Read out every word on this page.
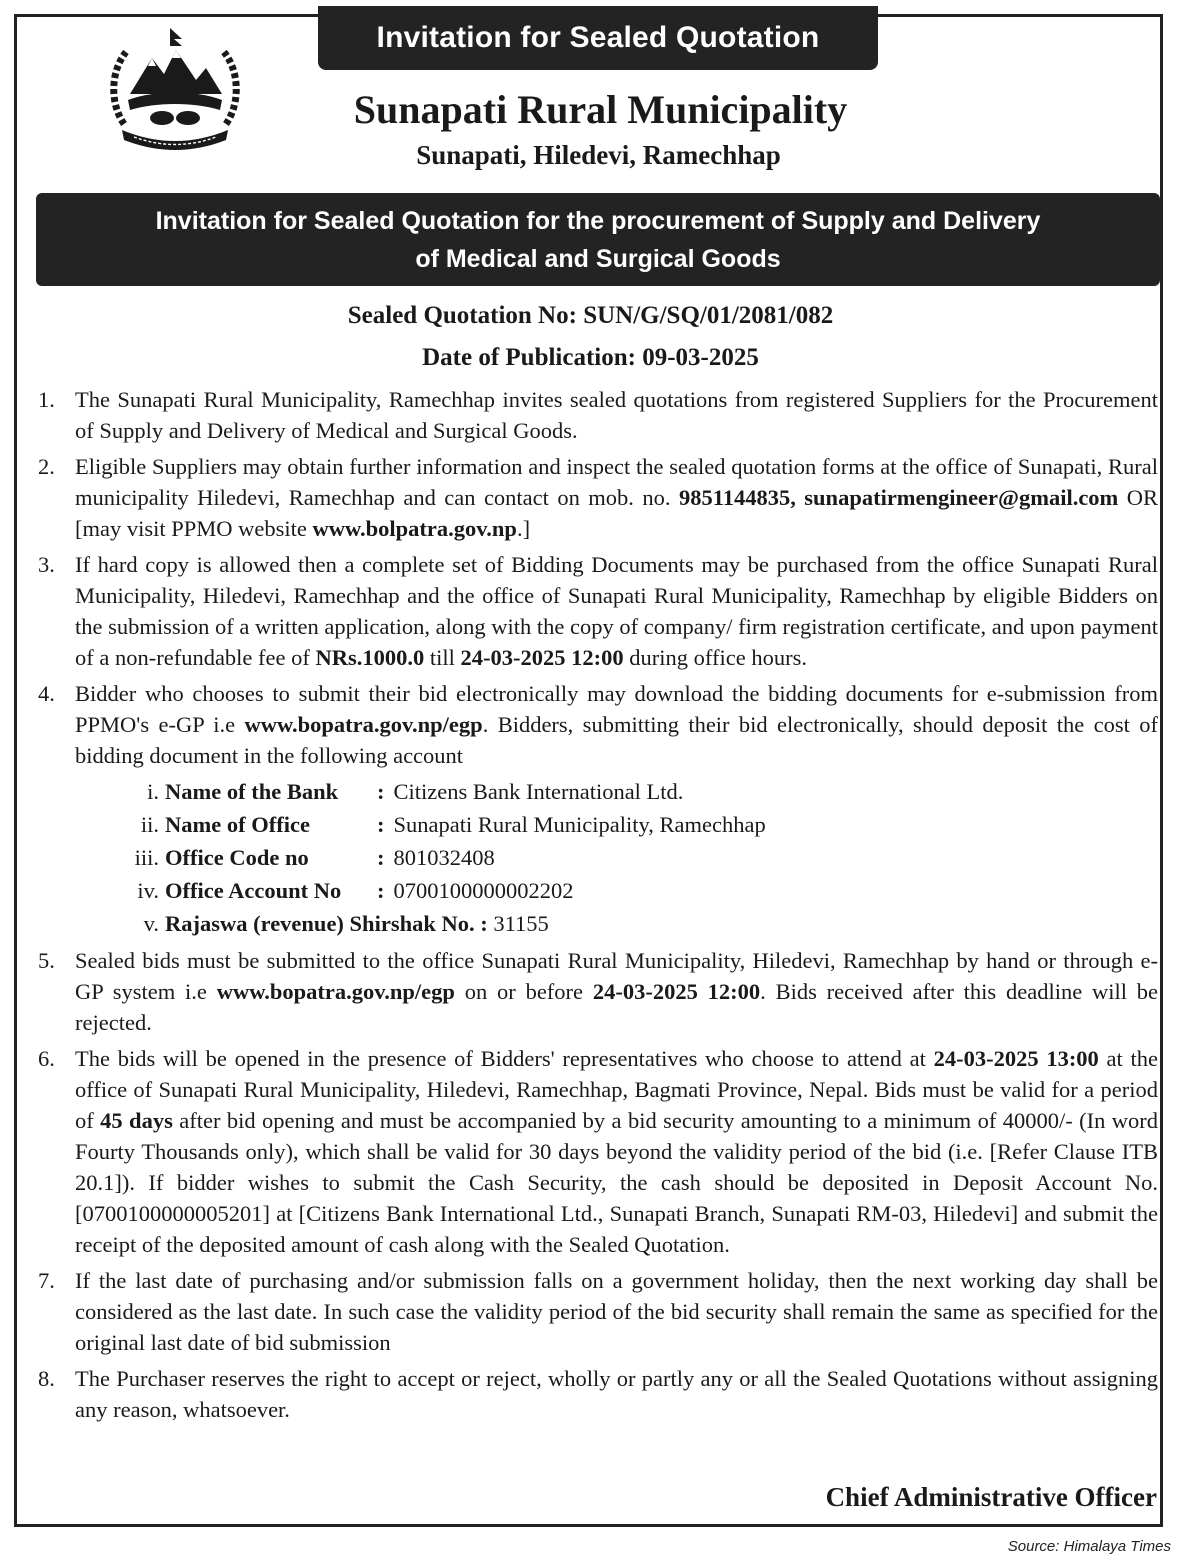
Invitation for Sealed Quotation
Sunapati Rural Municipality
Sunapati, Hiledevi, Ramechhap
Invitation for Sealed Quotation for the procurement of Supply and Delivery
of Medical and Surgical Goods
Sealed Quotation No: SUN/G/SQ/01/2081/082
Date of Publication: 09-03-2025
1. The Sunapati Rural Municipality, Ramechhap invites sealed quotations from registered Suppliers for the Procurement of Supply and Delivery of Medical and Surgical Goods.
2. Eligible Suppliers may obtain further information and inspect the sealed quotation forms at the office of Sunapati, Rural municipality Hiledevi, Ramechhap and can contact on mob. no. 9851144835, sunapatirmengineer@gmail.com OR [may visit PPMO website www.bolpatra.gov.np.]
3. If hard copy is allowed then a complete set of Bidding Documents may be purchased from the office Sunapati Rural Municipality, Hiledevi, Ramechhap and the office of Sunapati Rural Municipality, Ramechhap by eligible Bidders on the submission of a written application, along with the copy of company/ firm registration certificate, and upon payment of a non-refundable fee of NRs.1000.0 till 24-03-2025 12:00 during office hours.
4. Bidder who chooses to submit their bid electronically may download the bidding documents for e-submission from PPMO's e-GP i.e www.bopatra.gov.np/egp. Bidders, submitting their bid electronically, should deposit the cost of bidding document in the following account
i. Name of the Bank : Citizens Bank International Ltd.
ii. Name of Office	: Sunapati Rural Municipality, Ramechhap
iii. Office Code no	: 801032408
iv. Office Account No : 0700100000002202
v. Rajaswa (revenue) Shirshak No. : 31155
5. Sealed bids must be submitted to the office Sunapati Rural Municipality, Hiledevi, Ramechhap by hand or through e-GP system i.e www.bopatra.gov.np/egp on or before 24-03-2025 12:00. Bids received after this deadline will be rejected.
6. The bids will be opened in the presence of Bidders' representatives who choose to attend at 24-03-2025 13:00 at the office of Sunapati Rural Municipality, Hiledevi, Ramechhap, Bagmati Province, Nepal. Bids must be valid for a period of 45 days after bid opening and must be accompanied by a bid security amounting to a minimum of 40000/- (In word Fourty Thousands only), which shall be valid for 30 days beyond the validity period of the bid (i.e. [Refer Clause ITB 20.1]). If bidder wishes to submit the Cash Security, the cash should be deposited in Deposit Account No. [0700100000005201] at [Citizens Bank International Ltd., Sunapati Branch, Sunapati RM-03, Hiledevi] and submit the receipt of the deposited amount of cash along with the Sealed Quotation.
7. If the last date of purchasing and/or submission falls on a government holiday, then the next working day shall be considered as the last date. In such case the validity period of the bid security shall remain the same as specified for the original last date of bid submission
8. The Purchaser reserves the right to accept or reject, wholly or partly any or all the Sealed Quotations without assigning any reason, whatsoever.
Chief Administrative Officer
Source: Himalaya Times
